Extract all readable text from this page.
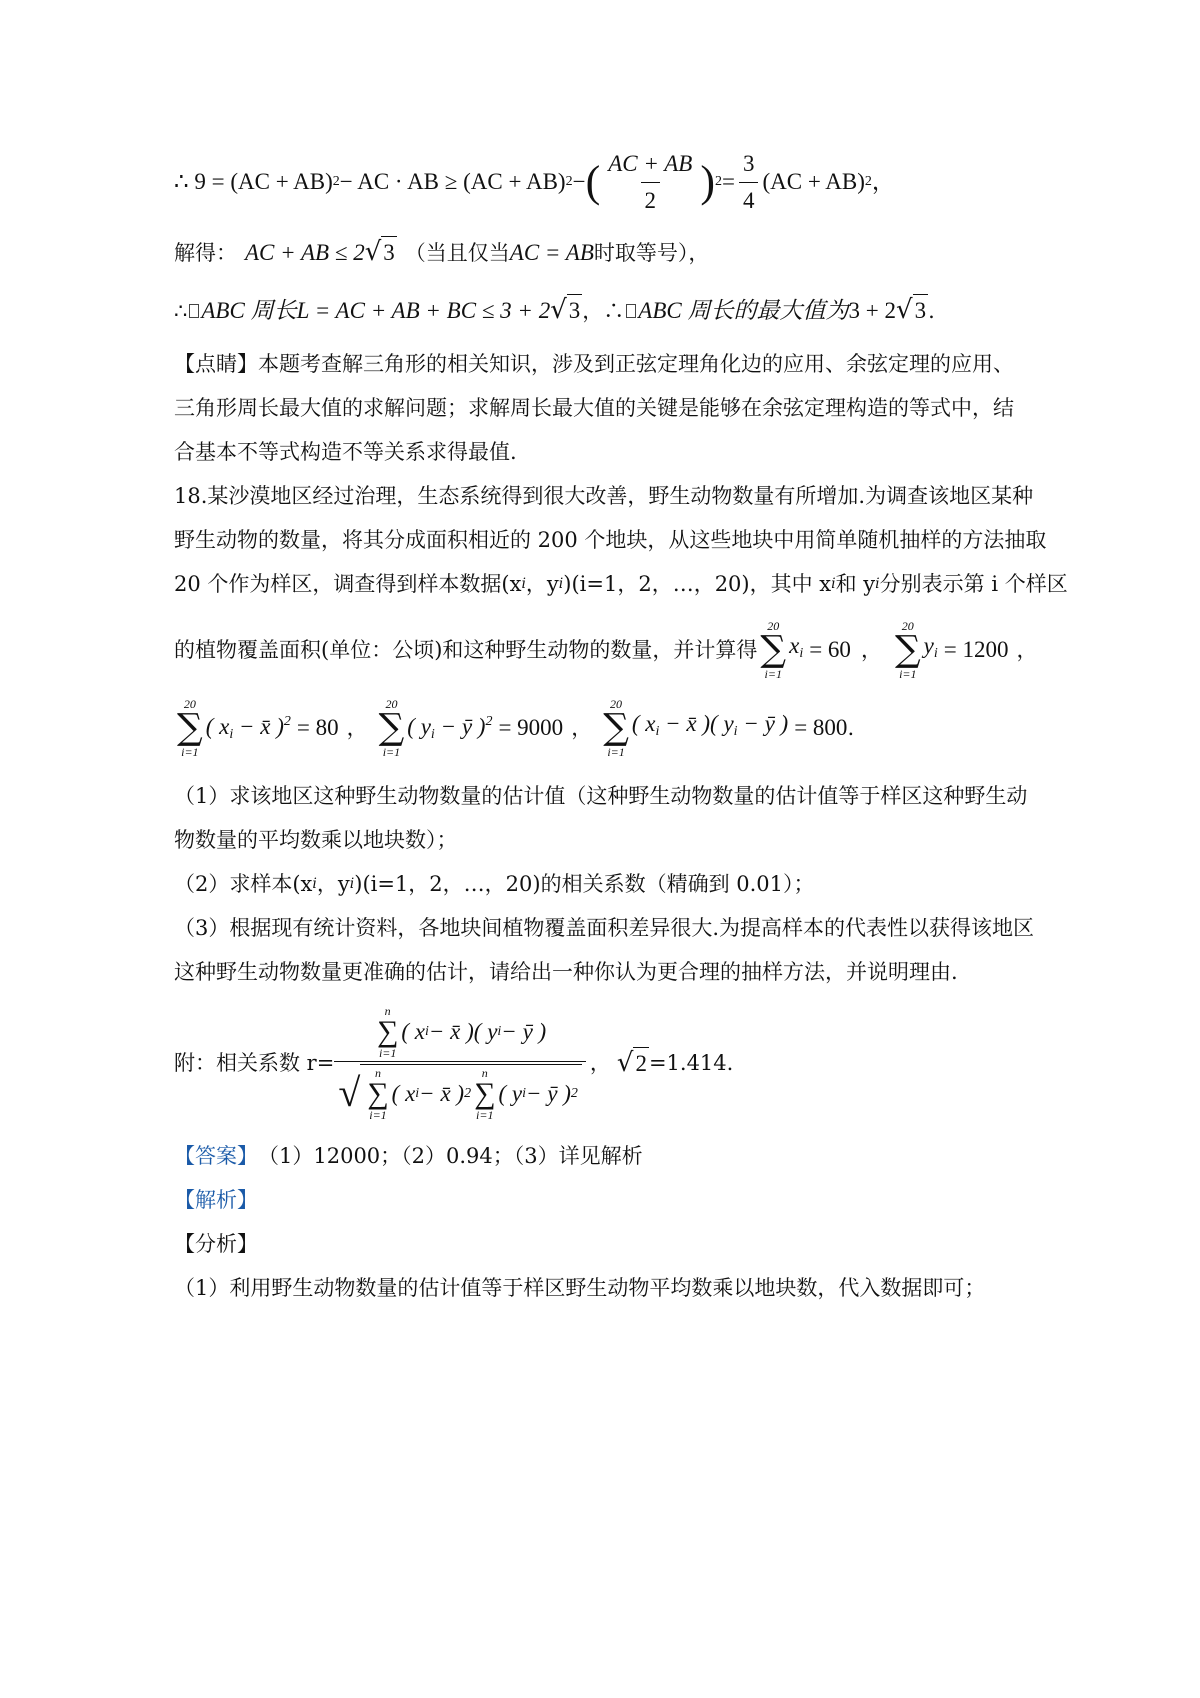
∴ 9 = (AC + AB) 2 − AC · AB ≥ (AC + AB) 2 − ( $\frac{AC + AB}{2}$ ) $2 = \frac{3}{4} (AC + AB)$ 2 ，
解得： AC + AB ≤ 2 √ 3 （当且仅当 AC = AB 时取等号），
∴ ABC 周长 L = AC + AB + BC ≤ 3 + 2 √ 3 ，∴ ABC 周长的最大值为 3 + 2 √ 3 .
【点睛】本题考查解三角形的相关知识，涉及到正弦定理角化边的应用、余弦定理的应用、
三角形周长最大值的求解问题；求解周长最大值的关键是能够在余弦定理构造的等式中，结
合基本不等式构造不等关系求得最值.
18.某沙漠地区经过治理，生态系统得到很大改善，野生动物数量有所增加.为调查该地区某种
野生动物的数量，将其分成面积相近的 200 个地块，从这些地块中用简单随机抽样的方法抽取
20 个作为样区，调查得到样本数据(x i ，y i )(i=1，2，…，20)，其中 x i 和 y i 分别表示第 i 个样区
的植物覆盖面积(单位：公顷)和这种野生动物的数量，并计算得
20
∑
i=1
$x_i = 60$ ，
20
∑
i=1
$y_i = 1200$ ，
20
∑
i=1
( $x_i$ − x̄ )$^2$ = 80 ，
20
∑
i=1
( $y_i$ − ȳ )$^2$ = 9000 ，
20
∑
i=1
( $x_i$ − x̄ )( $y_i$ − ȳ ) = 800 .
（1）求该地区这种野生动物数量的估计值（这种野生动物数量的估计值等于样区这种野生动
物数量的平均数乘以地块数）；
（2）求样本(x i ，y i )(i=1，2，…，20)的相关系数（精确到 0.01）；
（3）根据现有统计资料，各地块间植物覆盖面积差异很大.为提高样本的代表性以获得该地区
这种野生动物数量更准确的估计，请给出一种你认为更合理的抽样方法，并说明理由.
附：相关系数 r=
n
∑
i=1
( x i − x̄ )( y i − ȳ )
√ n
∑
i=1
( x i − x̄ ) 2
n
∑
i=1
( y i − ȳ ) 2
， √ 2 =1.414.
【答案】 （1）12000；（2）0.94；（3）详见解析
【解析】
【分析】
（1）利用野生动物数量的估计值等于样区野生动物平均数乘以地块数，代入数据即可；
